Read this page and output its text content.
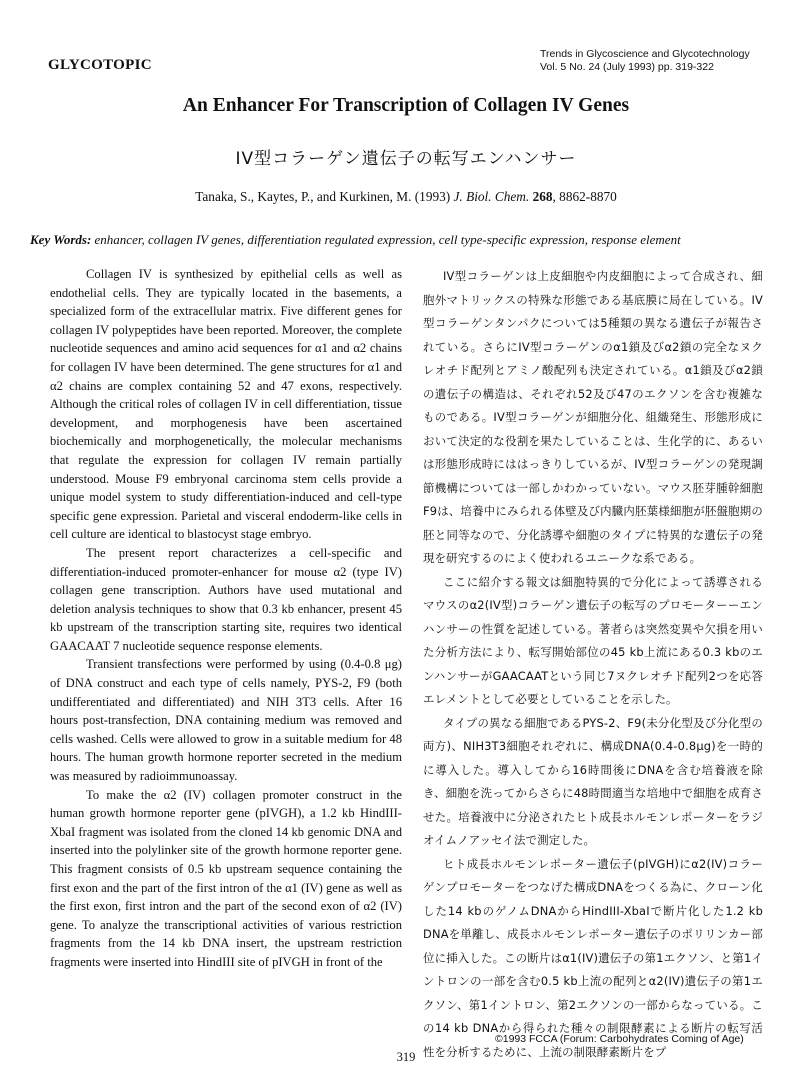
GLYCOTOPIC
Trends in Glycoscience and Glycotechnology
Vol. 5 No. 24 (July 1993) pp. 319-322
An Enhancer For Transcription of Collagen IV Genes
IV型コラーゲン遺伝子の転写エンハンサー
Tanaka, S., Kaytes, P., and Kurkinen, M. (1993) J. Biol. Chem. 268, 8862-8870
Key Words: enhancer, collagen IV genes, differentiation regulated expression, cell type-specific expression, response element

Collagen IV is synthesized by epithelial cells as well as endothelial cells. They are typically located in the basements, a specialized form of the extracellular matrix. Five different genes for collagen IV polypeptides have been reported. Moreover, the complete nucleotide sequences and amino acid sequences for α1 and α2 chains for collagen IV have been determined. The gene structures for α1 and α2 chains are complex containing 52 and 47 exons, respectively. Although the critical roles of collagen IV in cell differentiation, tissue development, and morphogenesis have been ascertained biochemically and morphogenetically, the molecular mechanisms that regulate the expression for collagen IV remain partially understood. Mouse F9 embryonal carcinoma stem cells provide a unique model system to study differentiation-induced and cell-type specific gene expression. Parietal and visceral endoderm-like cells in cell culture are identical to blastocyst stage embryo.

The present report characterizes a cell-specific and differentiation-induced promoter-enhancer for mouse α2 (type IV) collagen gene transcription. Authors have used mutational and deletion analysis techniques to show that 0.3 kb enhancer, present 45 kb upstream of the transcription starting site, requires two identical GAACAAT 7 nucleotide sequence response elements.

Transient transfections were performed by using (0.4-0.8 μg) of DNA construct and each type of cells namely, PYS-2, F9 (both undifferentiated and differentiated) and NIH 3T3 cells. After 16 hours post-transfection, DNA containing medium was removed and cells washed. Cells were allowed to grow in a suitable medium for 48 hours. The human growth hormone reporter secreted in the medium was measured by radioimmunoassay.

To make the α2 (IV) collagen promoter construct in the human growth hormone reporter gene (pIVGH), a 1.2 kb HindIII-XbaI fragment was isolated from the cloned 14 kb genomic DNA and inserted into the polylinker site of the growth hormone reporter gene. This fragment consists of 0.5 kb upstream sequence containing the first exon and the part of the first intron of the α1 (IV) gene as well as the first exon, first intron and the part of the second exon of α2 (IV) gene. To analyze the transcriptional activities of various restriction fragments from the 14 kb DNA insert, the upstream restriction fragments were inserted into HindIII site of pIVGH in front of the

IV型コラーゲンは上皮細胞や内皮細胞によって合成され、細胞外マトリックスの特殊な形態である基底膜に局在している。IV型コラーゲンタンパクについては5種類の異なる遺伝子が報告されている。さらにIV型コラーゲンのα1鎖及びα2鎖の完全なヌクレオチド配列とアミノ酸配列も決定されている。α1鎖及びα2鎖の遺伝子の構造は、それぞれ52及び47のエクソンを含む複雑なものである。IV型コラーゲンが細胞分化、組織発生、形態形成において決定的な役割を果たしていることは、生化学的に、あるいは形態形成時にははっきりしているが、IV型コラーゲンの発現調節機構については一部しかわかっていない。マウス胚芽腫幹細胞F9は、培養中にみられる体壁及び内臓内胚葉様細胞が胚盤胞期の胚と同等なので、分化誘導や細胞のタイプに特異的な遺伝子の発現を研究するのによく使われるユニークな系である。

ここに紹介する報文は細胞特異的で分化によって誘導されるマウスのα2(IV型)コラーゲン遺伝子の転写のプロモーターーエンハンサーの性質を記述している。著者らは突然変異や欠損を用いた分析方法により、転写開始部位の45 kb上流にある0.3 kbのエンハンサーがGAACAATという同じ7ヌクレオチド配列2つを応答エレメントとして必要としていることを示した。

タイプの異なる細胞であるPYS-2、F9(未分化型及び分化型の両方)、NIH3T3細胞それぞれに、構成DNA(0.4-0.8μg)を一時的に導入した。導入してから16時間後にDNAを含む培養液を除き、細胞を洗ってからさらに48時間適当な培地中で細胞を成育させた。培養液中に分泌されたヒト成長ホルモンレポーターをラジオイムノアッセイ法で測定した。

ヒト成長ホルモンレポーター遺伝子(pIVGH)にα2(IV)コラーゲンプロモーターをつなげた構成DNAをつくる為に、クローン化した14 kbのゲノムDNAからHindIII-XbaIで断片化した1.2 kb DNAを単離し、成長ホルモンレポーター遺伝子のポリリンカー部位に挿入した。この断片はα1(IV)遺伝子の第1エクソン、と第1イントロンの一部を含む0.5 kb上流の配列とα2(IV)遺伝子の第1エクソン、第1イントロン、第2エクソンの一部からなっている。この14 kb DNAから得られた種々の制限酵素による断片の転写活性を分析するために、上流の制限酵素断片をプ

©1993 FCCA (Forum: Carbohydrates Coming of Age)
319
